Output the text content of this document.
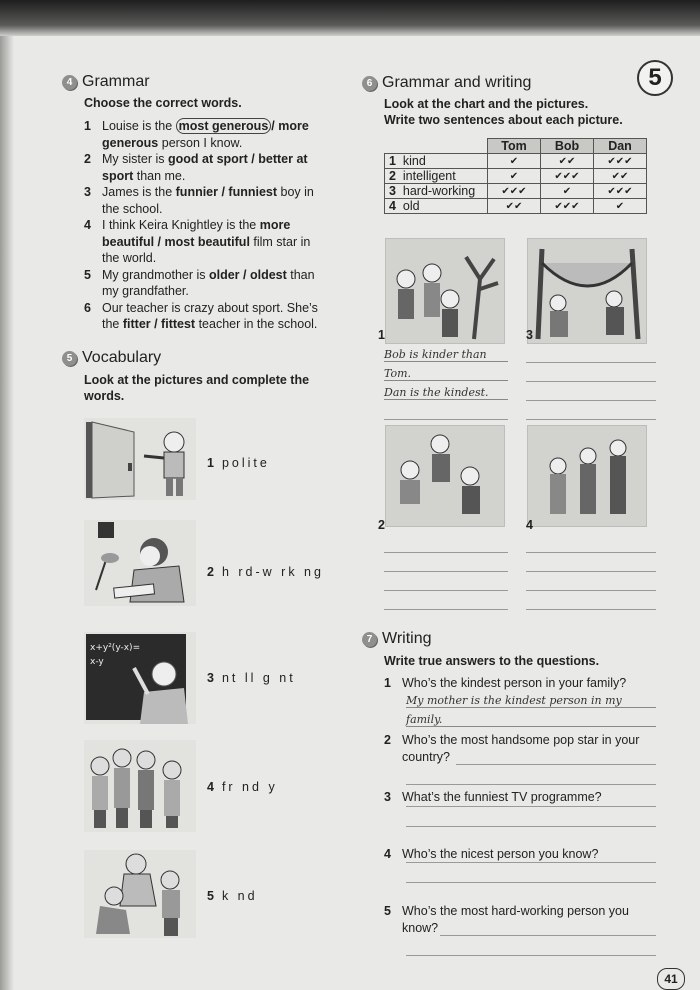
5
4 Grammar
Choose the correct words.
1 Louise is the most generous / more
generous person I know.
2 My sister is good at sport / better at
sport than me.
3 James is the funnier / funniest boy in
the school.
4 I think Keira Knightley is the more
beautiful / most beautiful film star in
the world.
5 My grandmother is older / oldest than
my grandfather.
6 Our teacher is crazy about sport. She’s
the fitter / fittest teacher in the school.
5 Vocabulary
Look at the pictures and complete the
words.
1 polite
2 h rd-w rk ng
x+y²(y-x)=
x-y
3 nt ll g nt
4 fr nd y
5 k nd
6 Grammar and writing
Look at the chart and the pictures.
Write two sentences about each picture.
	Tom	Bob	Dan
1 kind	✔	✔✔	✔✔✔
2 intelligent	✔	✔✔✔	✔✔
3 hard-working	✔✔✔	✔	✔✔✔
4 old	✔✔	✔✔✔	✔
1	3
2	4
Bob is kinder than
Tom.
Dan is the kindest.
7 Writing
Write true answers to the questions.
1 Who’s the kindest person in your family?
2 Who’s the most handsome pop star in your
country?
3 What’s the funniest TV programme?
4 Who’s the nicest person you know?
5 Who’s the most hard-working person you
know?
My mother is the kindest person in my
family.
41
